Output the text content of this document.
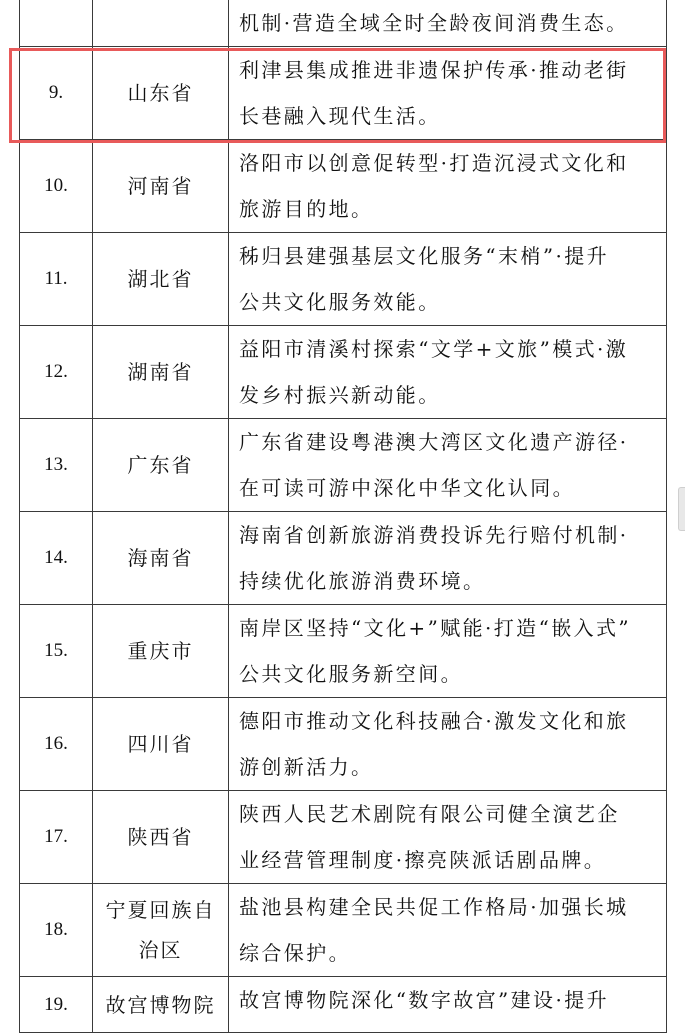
		机制·营造全域全时全龄夜间消费生态。

9.	山东省	利津县集成推进非遗保护传承·推动老街
长巷融入现代生活。

10.	河南省	洛阳市以创意促转型·打造沉浸式文化和
旅游目的地。

11.	湖北省	秭归县建强基层文化服务“末梢”·提升
公共文化服务效能。

12.	湖南省	益阳市清溪村探索“文学+文旅”模式·激
发乡村振兴新动能。

13.	广东省	广东省建设粤港澳大湾区文化遗产游径·
在可读可游中深化中华文化认同。

14.	海南省	海南省创新旅游消费投诉先行赔付机制·
持续优化旅游消费环境。

15.	重庆市	南岸区坚持“文化+”赋能·打造“嵌入式”
公共文化服务新空间。

16.	四川省	德阳市推动文化科技融合·激发文化和旅
游创新活力。

17.	陕西省	陕西人民艺术剧院有限公司健全演艺企
业经营管理制度·擦亮陕派话剧品牌。

18.	宁夏回族自治区	盐池县构建全民共促工作格局·加强长城
综合保护。

19.	故宫博物院	故宫博物院深化“数字故宫”建设·提升
